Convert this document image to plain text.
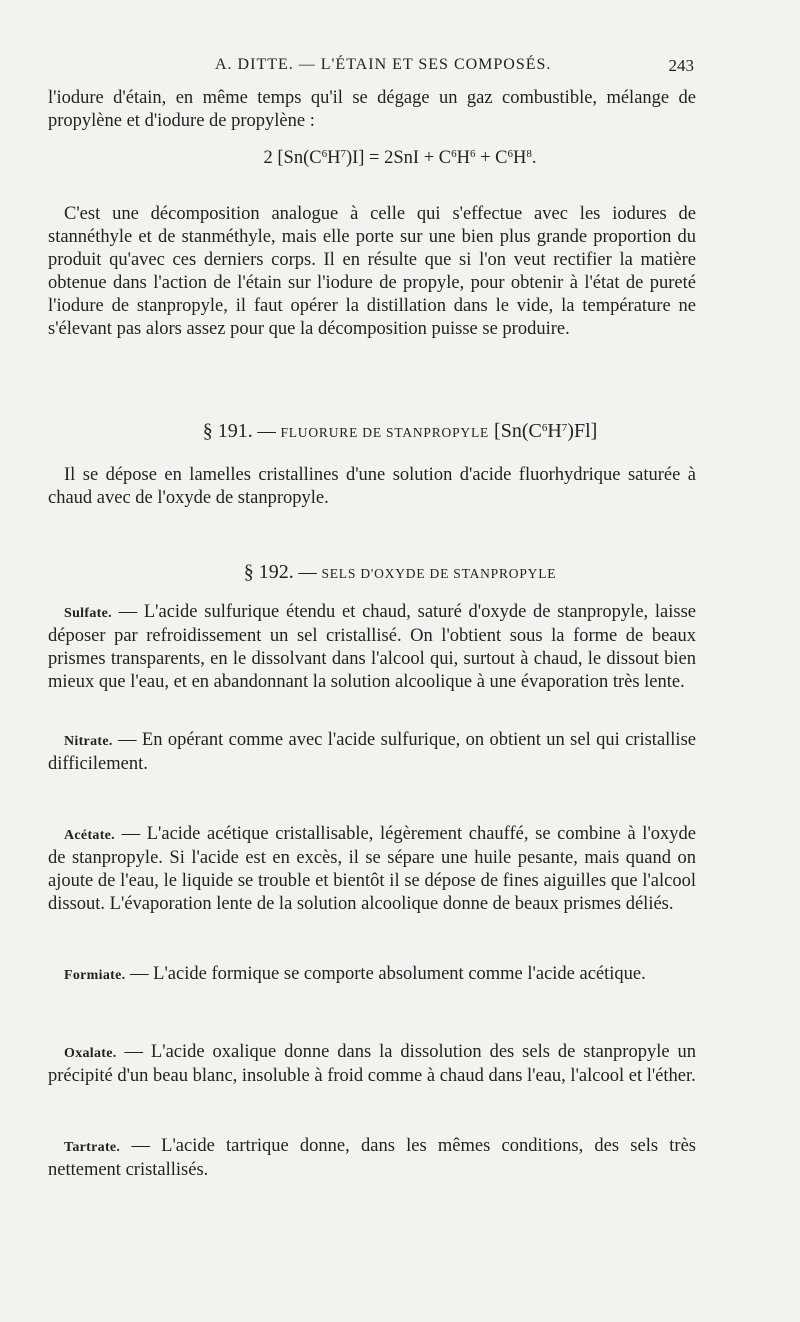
A. DITTE. — L'ÉTAIN ET SES COMPOSÉS.	243

l'iodure d'étain, en même temps qu'il se dégage un gaz combustible, mélange de propylène et d'iodure de propylène :

2 $[Sn(C^6H^7)I] = 2SnI + C^6H^6 + C^6H^8$.

C'est une décomposition analogue à celle qui s'effectue avec les iodures de stannéthyle et de stanméthyle, mais elle porte sur une bien plus grande proportion du produit qu'avec ces derniers corps. Il en résulte que si l'on veut rectifier la matière obtenue dans l'action de l'étain sur l'iodure de propyle, pour obtenir à l'état de pureté l'iodure de stanpropyle, il faut opérer la distillation dans le vide, la température ne s'élevant pas alors assez pour que la décomposition puisse se produire.

§ 191. — FLUORURE DE STANPROPYLE $[Sn(C^6H^7)Fl]$

Il se dépose en lamelles cristallines d'une solution d'acide fluorhydrique saturée à chaud avec de l'oxyde de stanpropyle.

§ 192. — SELS D'OXYDE DE STANPROPYLE

Sulfate. — L'acide sulfurique étendu et chaud, saturé d'oxyde de stanpropyle, laisse déposer par refroidissement un sel cristallisé. On l'obtient sous la forme de beaux prismes transparents, en le dissolvant dans l'alcool qui, surtout à chaud, le dissout bien mieux que l'eau, et en abandonnant la solution alcoolique à une évaporation très lente.

Nitrate. — En opérant comme avec l'acide sulfurique, on obtient un sel qui cristallise difficilement.

Acétate. — L'acide acétique cristallisable, légèrement chauffé, se combine à l'oxyde de stanpropyle. Si l'acide est en excès, il se sépare une huile pesante, mais quand on ajoute de l'eau, le liquide se trouble et bientôt il se dépose de fines aiguilles que l'alcool dissout. L'évaporation lente de la solution alcoolique donne de beaux prismes déliés.

Formiate. — L'acide formique se comporte absolument comme l'acide acétique.

Oxalate. — L'acide oxalique donne dans la dissolution des sels de stanpropyle un précipité d'un beau blanc, insoluble à froid comme à chaud dans l'eau, l'alcool et l'éther.

Tartrate. — L'acide tartrique donne, dans les mêmes conditions, des sels très nettement cristallisés.
